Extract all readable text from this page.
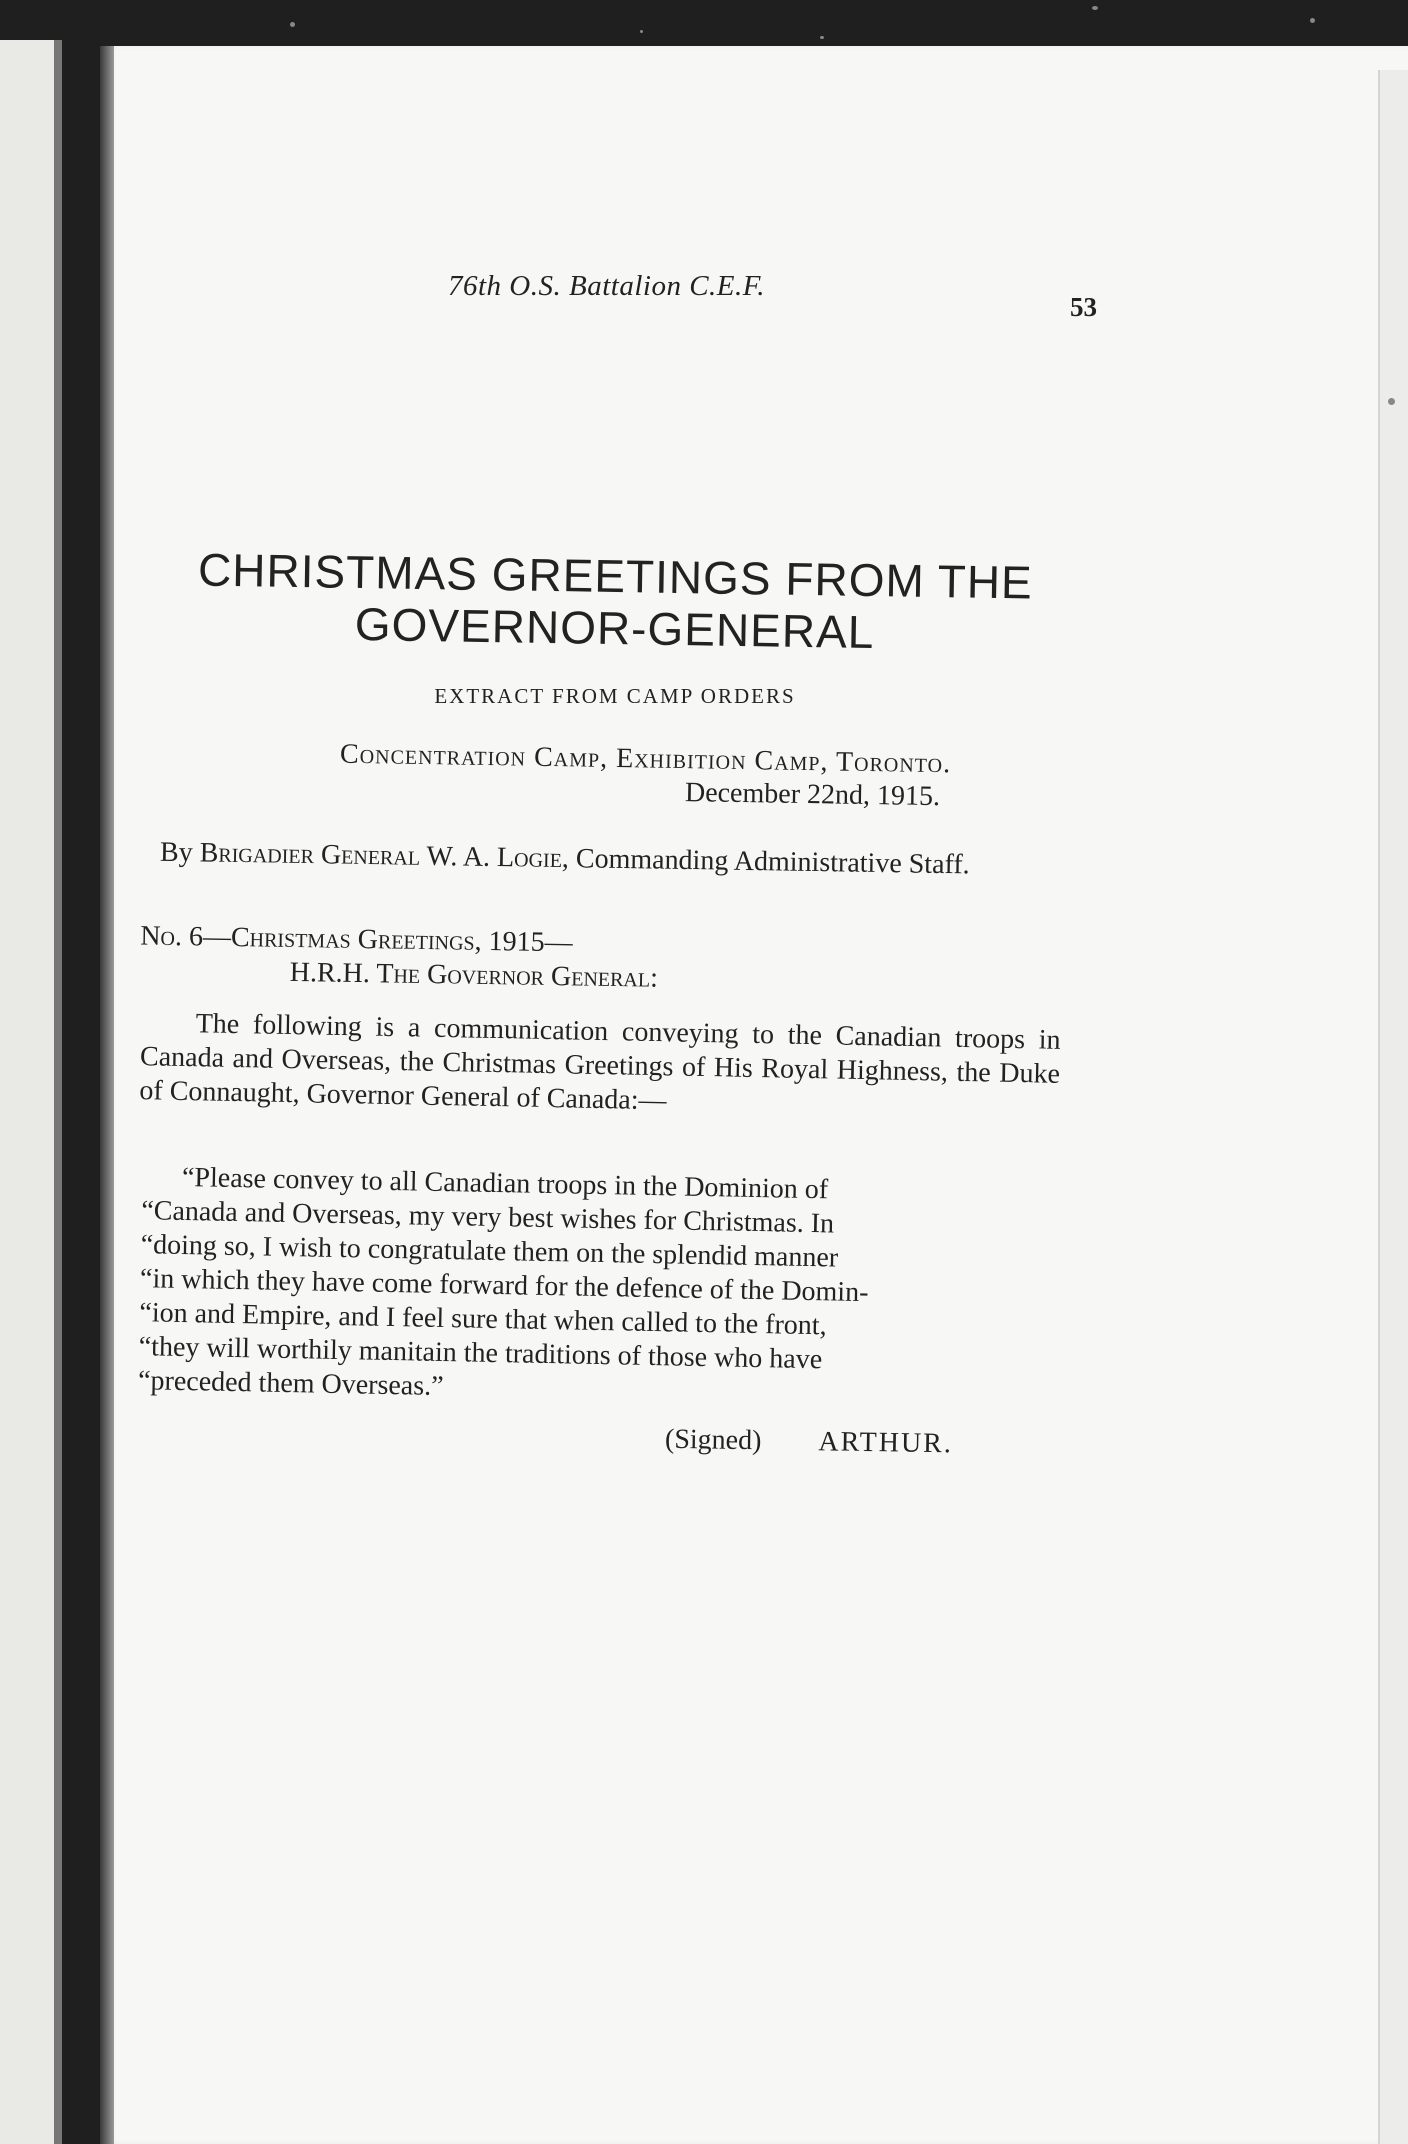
76th O.S. Battalion C.E.F.
53
CHRISTMAS GREETINGS FROM THE
GOVERNOR-GENERAL
EXTRACT FROM CAMP ORDERS
Concentration Camp, Exhibition Camp, Toronto.
December 22nd, 1915.
By Brigadier General W. A. Logie, Commanding Administrative Staff.
No. 6—Christmas Greetings, 1915—
H.R.H. The Governor General:
The following is a communication conveying to the Canadian troops in Canada and Overseas, the Christmas Greetings of His Royal Highness, the Duke of Connaught, Governor General of Canada:—

“Please convey to all Canadian troops in the Dominion of

“Canada and Overseas, my very best wishes for Christmas. In

“doing so, I wish to congratulate them on the splendid manner

“in which they have come forward for the defence of the Domin-

“ion and Empire, and I feel sure that when called to the front,

“they will worthily manitain the traditions of those who have

“preceded them Overseas.”

(Signed) ARTHUR.
